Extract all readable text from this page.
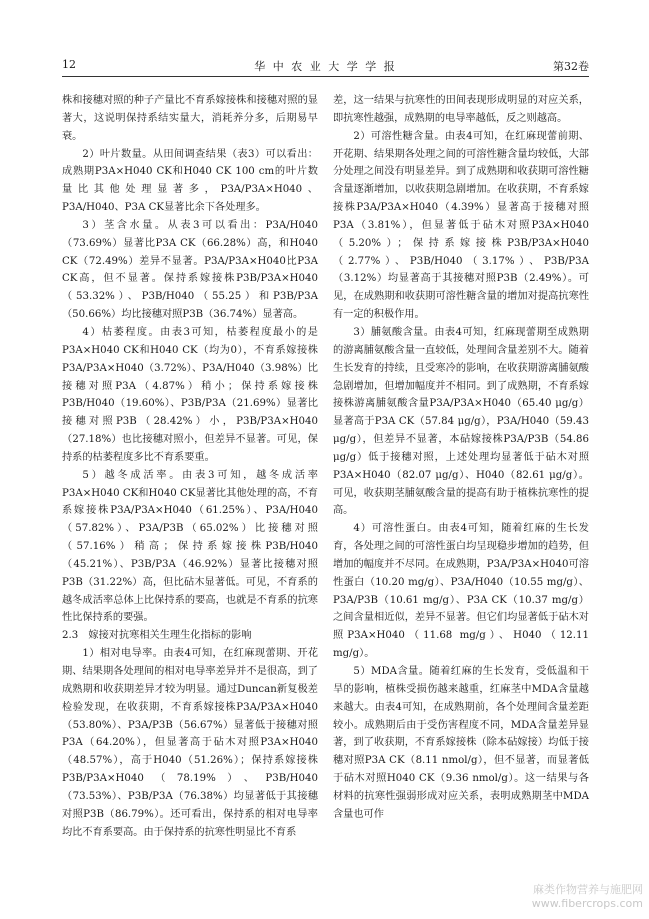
12	华 中 农 业 大 学 学 报	第32卷

株和接穗对照的种子产量比不育系嫁接株和接穗对照的显著大，这说明保持系结实量大，消耗养分多，后期易早衰。

2）叶片数量。从田间调查结果（表3）可以看出：成熟期P3A×H040 CK和H040 CK 100 cm的叶片数量比其他处理显著多，P3A/P3A×H040、P3A/H040、P3A CK显著比余下各处理多。

3）茎含水量。从表3可以看出：P3A/H040（73.69%）显著比P3A CK（66.28%）高，和H040 CK（72.49%）差异不显著。P3A/P3A×H040比P3A CK高，但不显著。保持系嫁接株P3B/P3A×H040（53.32%）、P3B/H040（55.25）和P3B/P3A（50.66%）均比接穗对照P3B（36.74%）显著高。

4）枯萎程度。由表3可知，枯萎程度最小的是P3A×H040 CK和H040 CK（均为0），不育系嫁接株P3A/P3A×H040（3.72%）、P3A/H040（3.98%）比接穗对照P3A（4.87%）稍小；保持系嫁接株P3B/H040（19.60%）、P3B/P3A（21.69%）显著比接穗对照P3B（28.42%）小，P3B/P3A×H040（27.18%）也比接穗对照小，但差异不显著。可见，保持系的枯萎程度多比不育系要重。

5）越冬成活率。由表3可知，越冬成活率P3A×H040 CK和H040 CK显著比其他处理的高，不育系嫁接株P3A/P3A×H040（61.25%）、P3A/H040（57.82%）、P3A/P3B（65.02%）比接穗对照（57.16%）稍高；保持系嫁接株P3B/H040（45.21%）、P3B/P3A（46.92%）显著比接穗对照P3B（31.22%）高，但比砧木显著低。可见，不育系的越冬成活率总体上比保持系的要高，也就是不育系的抗寒性比保持系的要强。

2.3　嫁接对抗寒相关生理生化指标的影响

1）相对电导率。由表4可知，在红麻现蕾期、开花期、结果期各处理间的相对电导率差异并不是很高，到了成熟期和收获期差异才较为明显。通过Duncan新复极差检验发现，在收获期，不育系嫁接株P3A/P3A×H040（53.80%）、P3A/P3B（56.67%）显著低于接穗对照P3A（64.20%），但显著高于砧木对照P3A×H040（48.57%），高于H040（51.26%）；保持系嫁接株P3B/P3A×H040（78.19%）、P3B/H040（73.53%）、P3B/P3A（76.38%）均显著低于其接穗对照P3B（86.79%）。还可看出，保持系的相对电导率均比不育系要高。由于保持系的抗寒性明显比不育系

差，这一结果与抗寒性的田间表现形成明显的对应关系，即抗寒性越强，成熟期的电导率越低，反之则越高。

2）可溶性糖含量。由表4可知，在红麻现蕾前期、开花期、结果期各处理之间的可溶性糖含量均较低，大部分处理之间没有明显差异。到了成熟期和收获期可溶性糖含量逐渐增加，以收获期急剧增加。在收获期，不育系嫁接株P3A/P3A×H040（4.39%）显著高于接穗对照P3A（3.81%），但显著低于砧木对照P3A×H040（5.20%）；保持系嫁接株P3B/P3A×H040（2.77%）、P3B/H040（3.17%）、P3B/P3A（3.12%）均显著高于其接穗对照P3B（2.49%）。可见，在成熟期和收获期可溶性糖含量的增加对提高抗寒性有一定的积极作用。

3）脯氨酸含量。由表4可知，红麻现蕾期至成熟期的游离脯氨酸含量一直较低，处理间含量差别不大。随着生长发育的持续，且受寒冷的影响，在收获期游离脯氨酸急剧增加，但增加幅度并不相同。到了成熟期，不育系嫁接株游离脯氨酸含量P3A/P3A×H040（65.40 μg/g）显著高于P3A CK（57.84 μg/g），P3A/H040（59.43 μg/g），但差异不显著，本砧嫁接株P3A/P3B（54.86 μg/g）低于接穗对照，上述处理均显著低于砧木对照P3A×H040（82.07 μg/g）、H040（82.61 μg/g）。可见，收获期茎脯氨酸含量的提高有助于植株抗寒性的提高。

4）可溶性蛋白。由表4可知，随着红麻的生长发育，各处理之间的可溶性蛋白均呈现稳步增加的趋势，但增加的幅度并不尽同。在成熟期，P3A/P3A×H040可溶性蛋白（10.20 mg/g）、P3A/H040（10.55 mg/g）、P3A/P3B（10.61 mg/g）、P3A CK（10.37 mg/g）之间含量相近似，差异不显著。但它们均显著低于砧木对照P3A×H040（11.68 mg/g）、H040（12.11 mg/g）。

5）MDA含量。随着红麻的生长发育，受低温和干旱的影响，植株受损伤越来越重，红麻茎中MDA含量越来越大。由表4可知，在成熟期前，各个处理间含量差距较小。成熟期后由于受伤害程度不同，MDA含量差异显著，到了收获期，不育系嫁接株（除本砧嫁接）均低于接穗对照P3A CK（8.11 nmol/g），但不显著，而显著低于砧木对照H040 CK（9.36 nmol/g）。这一结果与各材料的抗寒性强弱形成对应关系，表明成熟期茎中MDA含量也可作

麻类作物营养与施肥网
www.fibercrops.com
